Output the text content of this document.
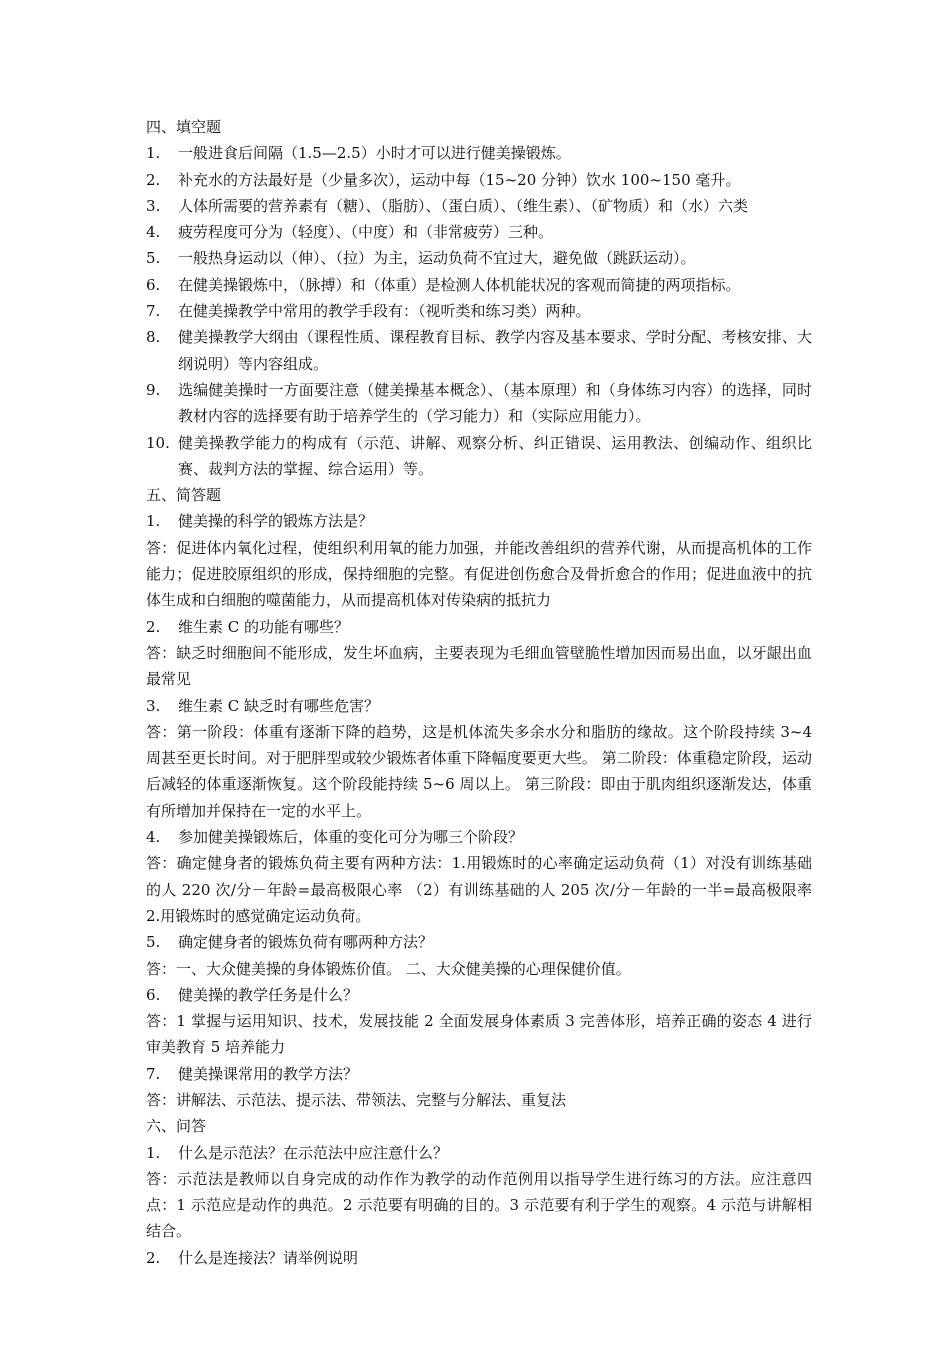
四、填空题
1.	一般进食后间隔（1.5—2.5）小时才可以进行健美操锻炼。
2.	补充水的方法最好是（少量多次），运动中每（15~20 分钟）饮水 100~150 毫升。
3.	人体所需要的营养素有（糖）、（脂肪）、（蛋白质）、（维生素）、（矿物质）和（水）六类
4.	疲劳程度可分为（轻度）、（中度）和（非常疲劳）三种。
5.	一般热身运动以（伸）、（拉）为主，运动负荷不宜过大，避免做（跳跃运动）。
6.	在健美操锻炼中，（脉搏）和（体重）是检测人体机能状况的客观而简捷的两项指标。
7.	在健美操教学中常用的教学手段有：（视听类和练习类）两种。
8.	健美操教学大纲由（课程性质、课程教育目标、教学内容及基本要求、学时分配、考核安排、大纲说明）等内容组成。
9.	选编健美操时一方面要注意（健美操基本概念）、（基本原理）和（身体练习内容）的选择，同时教材内容的选择要有助于培养学生的（学习能力）和（实际应用能力）。
10. 健美操教学能力的构成有（示范、讲解、观察分析、纠正错误、运用教法、创编动作、组织比赛、裁判方法的掌握、综合运用）等。
五、简答题
1.	健美操的科学的锻炼方法是？

答：促进体内氧化过程，使组织利用氧的能力加强，并能改善组织的营养代谢，从而提高机体的工作能力；促进胶原组织的形成，保持细胞的完整。有促进创伤愈合及骨折愈合的作用；促进血液中的抗体生成和白细胞的噬菌能力，从而提高机体对传染病的抵抗力

2.	维生素 C 的功能有哪些？

答：缺乏时细胞间不能形成，发生坏血病，主要表现为毛细血管壁脆性增加因而易出血，以牙龈出血最常见

3.	维生素 C 缺乏时有哪些危害？

答：第一阶段：体重有逐渐下降的趋势，这是机体流失多余水分和脂肪的缘故。这个阶段持续 3~4 周甚至更长时间。对于肥胖型或较少锻炼者体重下降幅度要更大些。 第二阶段：体重稳定阶段，运动后减轻的体重逐渐恢复。这个阶段能持续 5~6 周以上。 第三阶段：即由于肌肉组织逐渐发达，体重有所增加并保持在一定的水平上。

4.	参加健美操锻炼后，体重的变化可分为哪三个阶段？

答：确定健身者的锻炼负荷主要有两种方法：1.用锻炼时的心率确定运动负荷（1）对没有训练基础的人 220 次/分－年龄=最高极限心率 （2）有训练基础的人 205 次/分－年龄的一半=最高极限率 2.用锻炼时的感觉确定运动负荷。

5.	确定健身者的锻炼负荷有哪两种方法？

答：一、大众健美操的身体锻炼价值。 二、大众健美操的心理保健价值。

6.	健美操的教学任务是什么？

答：1 掌握与运用知识、技术，发展技能 2 全面发展身体素质 3 完善体形，培养正确的姿态 4 进行审美教育 5 培养能力

7.	健美操课常用的教学方法？

答：讲解法、示范法、提示法、带领法、完整与分解法、重复法

六、问答
1.	什么是示范法？在示范法中应注意什么？

答：示范法是教师以自身完成的动作作为教学的动作范例用以指导学生进行练习的方法。应注意四点：1 示范应是动作的典范。2 示范要有明确的目的。3 示范要有利于学生的观察。4 示范与讲解相结合。

2.	什么是连接法？请举例说明
